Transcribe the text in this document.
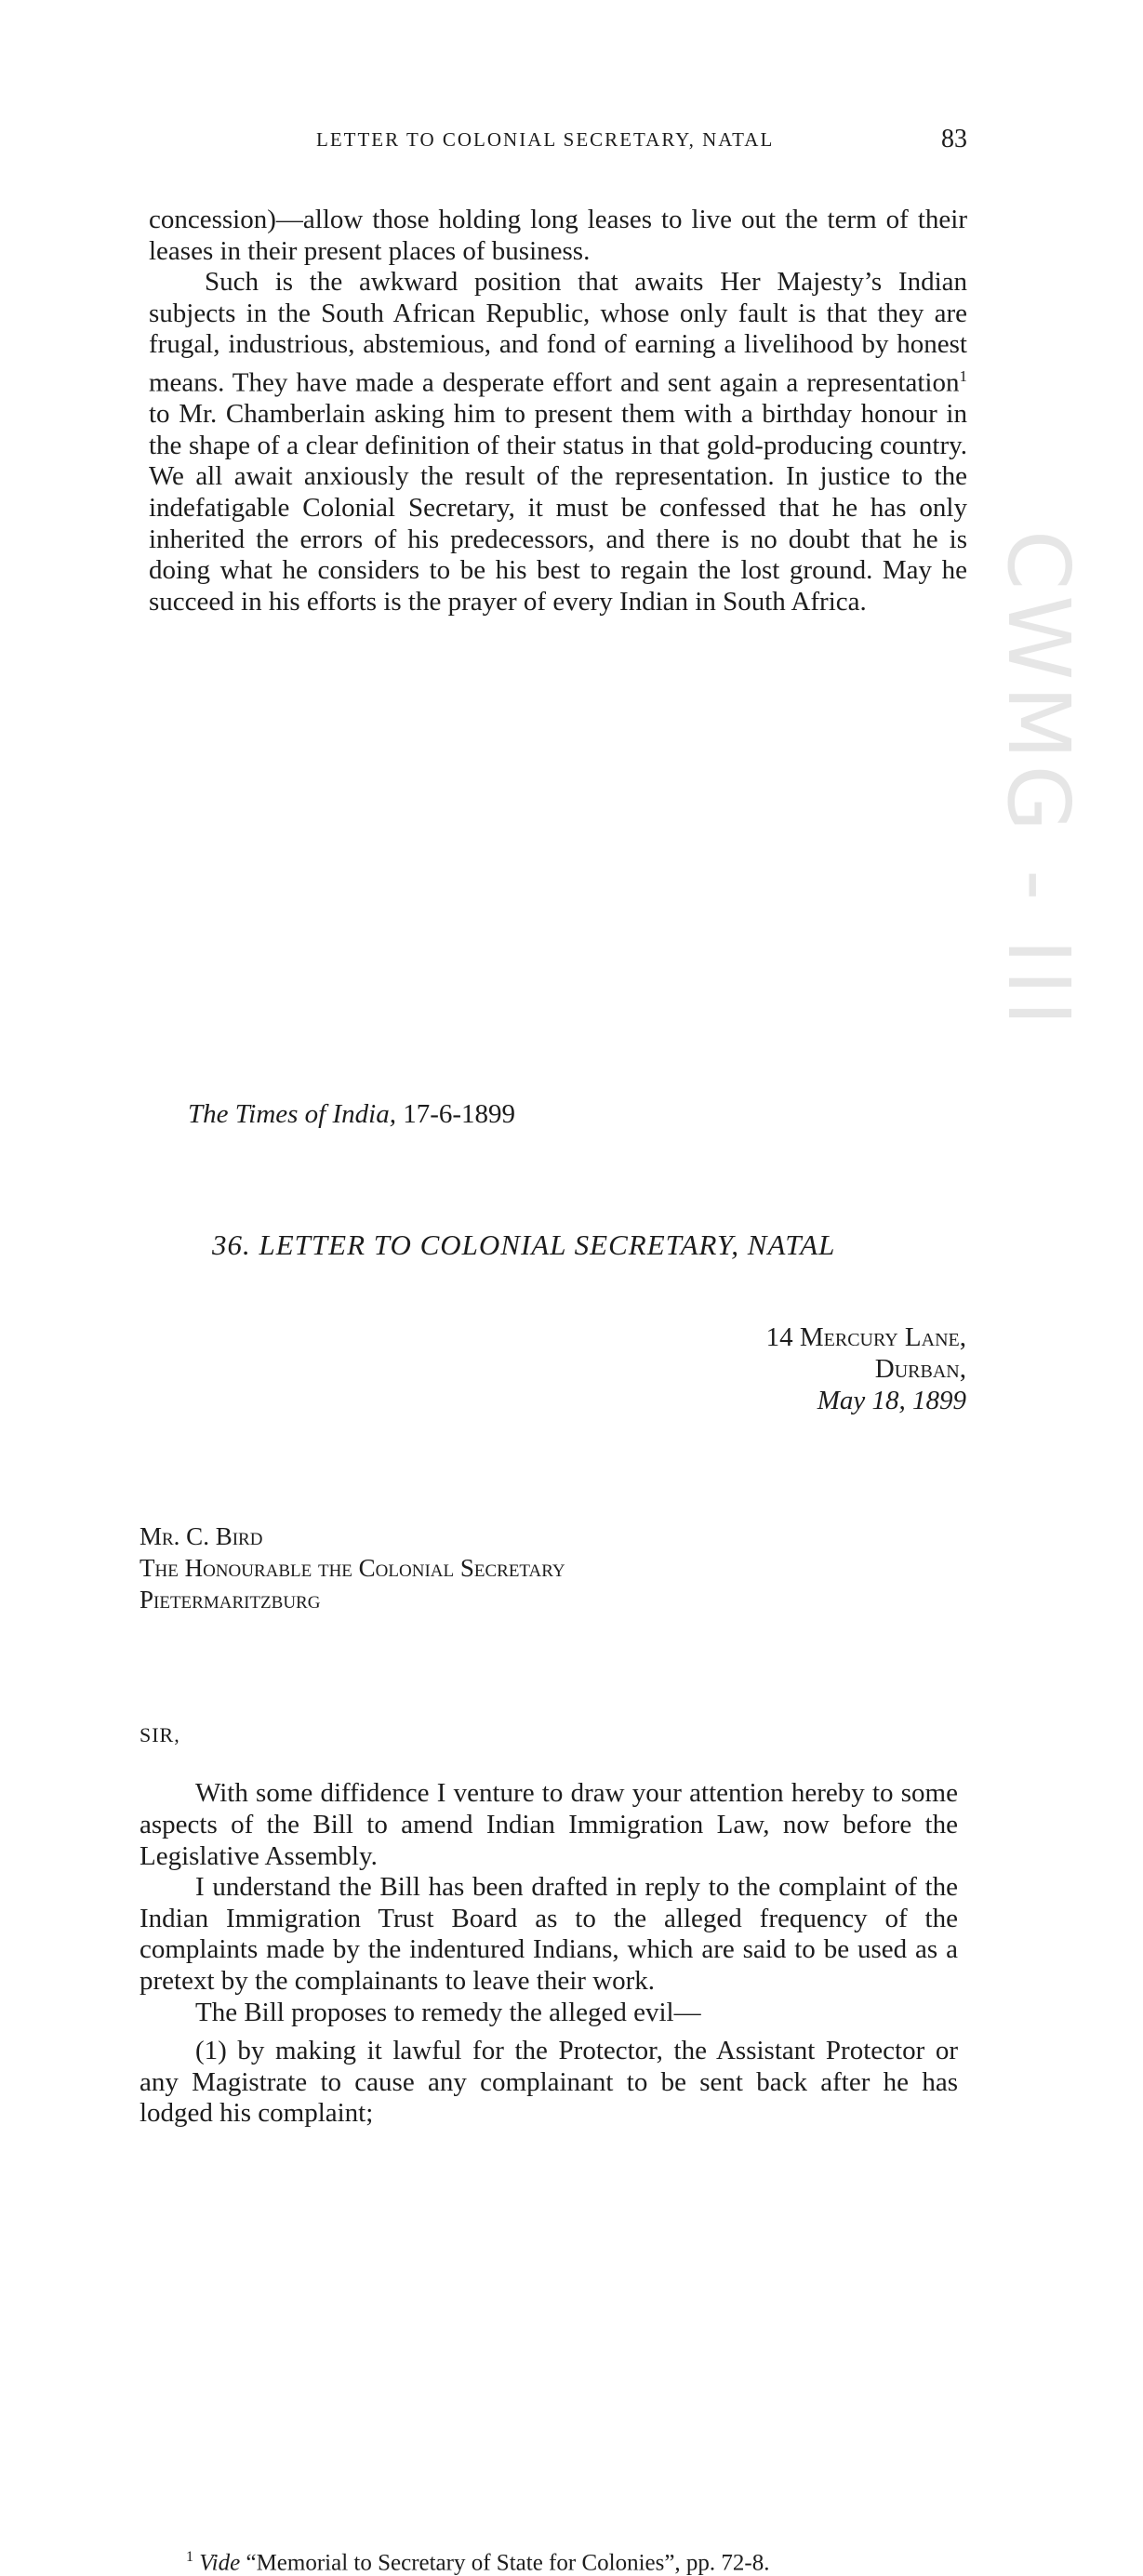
CWMG - III
LETTER TO COLONIAL SECRETARY, NATAL	83

concession)—allow those holding long leases to live out the term of their leases in their present places of business.

Such is the awkward position that awaits Her Majesty’s Indian subjects in the South African Republic, whose only fault is that they are frugal, industrious, abstemious, and fond of earning a livelihood by honest means. They have made a desperate effort and sent again a representation$^1$ to Mr. Chamberlain asking him to present them with a birthday honour in the shape of a clear definition of their status in that gold-producing country. We all await anxiously the result of the representation. In justice to the indefatigable Colonial Secretary, it must be confessed that he has only inherited the errors of his predecessors, and there is no doubt that he is doing what he considers to be his best to regain the lost ground. May he succeed in his efforts is the prayer of every Indian in South Africa.

The Times of India, 17-6-1899
36. LETTER TO COLONIAL SECRETARY, NATAL
14 Mercury Lane,
Durban,
May 18, 1899
Mr. C. Bird
The Honourable the Colonial Secretary
Pietermaritzburg
SIR,

With some diffidence I venture to draw your attention hereby to some aspects of the Bill to amend Indian Immigration Law, now before the Legislative Assembly.

I understand the Bill has been drafted in reply to the complaint of the Indian Immigration Trust Board as to the alleged frequency of the complaints made by the indentured Indians, which are said to be used as a pretext by the complainants to leave their work.

The Bill proposes to remedy the alleged evil—

(1) by making it lawful for the Protector, the Assistant Protector or any Magistrate to cause any complainant to be sent back after he has lodged his complaint;

$^1$ Vide “Memorial to Secretary of State for Colonies”, pp. 72-8.
